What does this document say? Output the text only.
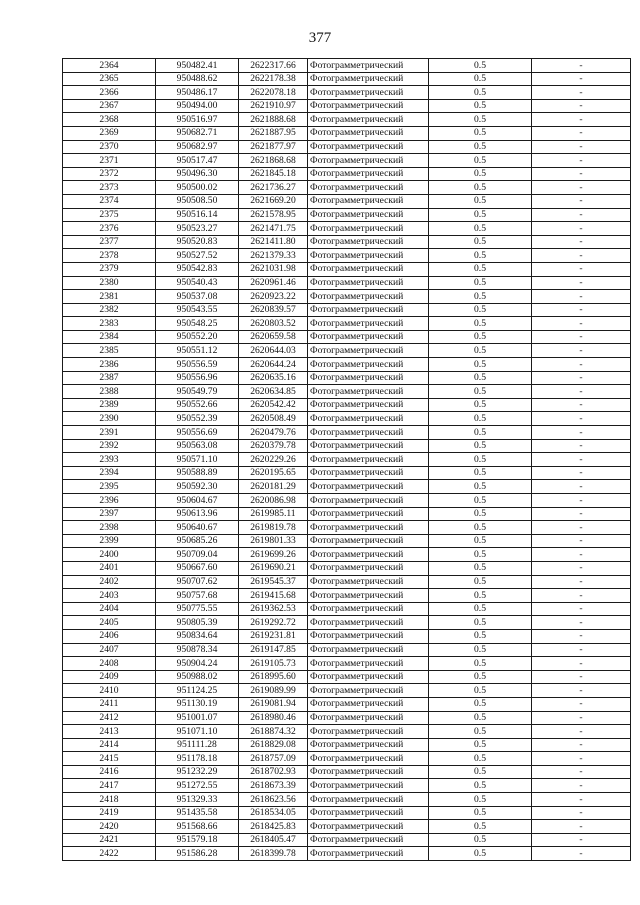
377
2364	950482.41	2622317.66	Фотограмметрический	0.5	-
2365	950488.62	2622178.38	Фотограмметрический	0.5	-
2366	950486.17	2622078.18	Фотограмметрический	0.5	-
2367	950494.00	2621910.97	Фотограмметрический	0.5	-
2368	950516.97	2621888.68	Фотограмметрический	0.5	-
2369	950682.71	2621887.95	Фотограмметрический	0.5	-
2370	950682.97	2621877.97	Фотограмметрический	0.5	-
2371	950517.47	2621868.68	Фотограмметрический	0.5	-
2372	950496.30	2621845.18	Фотограмметрический	0.5	-
2373	950500.02	2621736.27	Фотограмметрический	0.5	-
2374	950508.50	2621669.20	Фотограмметрический	0.5	-
2375	950516.14	2621578.95	Фотограмметрический	0.5	-
2376	950523.27	2621471.75	Фотограмметрический	0.5	-
2377	950520.83	2621411.80	Фотограмметрический	0.5	-
2378	950527.52	2621379.33	Фотограмметрический	0.5	-
2379	950542.83	2621031.98	Фотограмметрический	0.5	-
2380	950540.43	2620961.46	Фотограмметрический	0.5	-
2381	950537.08	2620923.22	Фотограмметрический	0.5	-
2382	950543.55	2620839.57	Фотограмметрический	0.5	-
2383	950548.25	2620803.52	Фотограмметрический	0.5	-
2384	950552.20	2620659.58	Фотограмметрический	0.5	-
2385	950551.12	2620644.03	Фотограмметрический	0.5	-
2386	950556.59	2620644.24	Фотограмметрический	0.5	-
2387	950556.96	2620635.16	Фотограмметрический	0.5	-
2388	950549.79	2620634.85	Фотограмметрический	0.5	-
2389	950552.66	2620542.42	Фотограмметрический	0.5	-
2390	950552.39	2620508.49	Фотограмметрический	0.5	-
2391	950556.69	2620479.76	Фотограмметрический	0.5	-
2392	950563.08	2620379.78	Фотограмметрический	0.5	-
2393	950571.10	2620229.26	Фотограмметрический	0.5	-
2394	950588.89	2620195.65	Фотограмметрический	0.5	-
2395	950592.30	2620181.29	Фотограмметрический	0.5	-
2396	950604.67	2620086.98	Фотограмметрический	0.5	-
2397	950613.96	2619985.11	Фотограмметрический	0.5	-
2398	950640.67	2619819.78	Фотограмметрический	0.5	-
2399	950685.26	2619801.33	Фотограмметрический	0.5	-
2400	950709.04	2619699.26	Фотограмметрический	0.5	-
2401	950667.60	2619690.21	Фотограмметрический	0.5	-
2402	950707.62	2619545.37	Фотограмметрический	0.5	-
2403	950757.68	2619415.68	Фотограмметрический	0.5	-
2404	950775.55	2619362.53	Фотограмметрический	0.5	-
2405	950805.39	2619292.72	Фотограмметрический	0.5	-
2406	950834.64	2619231.81	Фотограмметрический	0.5	-
2407	950878.34	2619147.85	Фотограмметрический	0.5	-
2408	950904.24	2619105.73	Фотограмметрический	0.5	-
2409	950988.02	2618995.60	Фотограмметрический	0.5	-
2410	951124.25	2619089.99	Фотограмметрический	0.5	-
2411	951130.19	2619081.94	Фотограмметрический	0.5	-
2412	951001.07	2618980.46	Фотограмметрический	0.5	-
2413	951071.10	2618874.32	Фотограмметрический	0.5	-
2414	951111.28	2618829.08	Фотограмметрический	0.5	-
2415	951178.18	2618757.09	Фотограмметрический	0.5	-
2416	951232.29	2618702.93	Фотограмметрический	0.5	-
2417	951272.55	2618673.39	Фотограмметрический	0.5	-
2418	951329.33	2618623.56	Фотограмметрический	0.5	-
2419	951435.58	2618534.05	Фотограмметрический	0.5	-
2420	951568.66	2618425.83	Фотограмметрический	0.5	-
2421	951579.18	2618405.47	Фотограмметрический	0.5	-
2422	951586.28	2618399.78	Фотограмметрический	0.5	-
